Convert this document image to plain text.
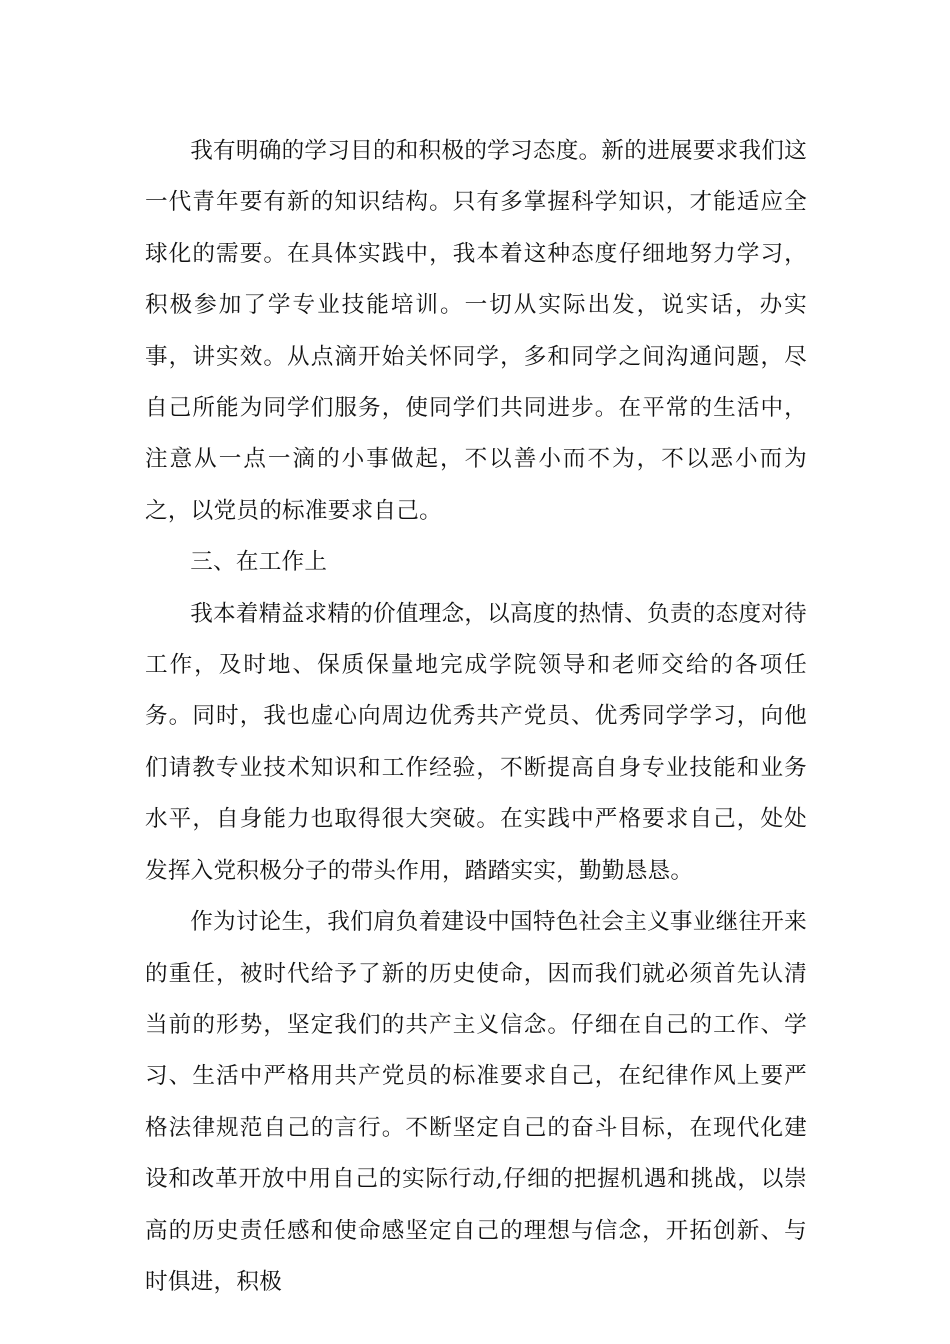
我有明确的学习目的和积极的学习态度。新的进展要求我们这一代青年要有新的知识结构。只有多掌握科学知识，才能适应全球化的需要。在具体实践中，我本着这种态度仔细地努力学习，积极参加了学专业技能培训。一切从实际出发，说实话，办实事，讲实效。从点滴开始关怀同学，多和同学之间沟通问题，尽自己所能为同学们服务，使同学们共同进步。在平常的生活中，注意从一点一滴的小事做起，不以善小而不为，不以恶小而为之，以党员的标准要求自己。

三、在工作上

我本着精益求精的价值理念，以高度的热情、负责的态度对待工作，及时地、保质保量地完成学院领导和老师交给的各项任务。同时，我也虚心向周边优秀共产党员、优秀同学学习，向他们请教专业技术知识和工作经验，不断提高自身专业技能和业务水平，自身能力也取得很大突破。在实践中严格要求自己，处处发挥入党积极分子的带头作用，踏踏实实，勤勤恳恳。

作为讨论生，我们肩负着建设中国特色社会主义事业继往开来的重任，被时代给予了新的历史使命，因而我们就必须首先认清当前的形势，坚定我们的共产主义信念。仔细在自己的工作、学习、生活中严格用共产党员的标准要求自己，在纪律作风上要严格法律规范自己的言行。不断坚定自己的奋斗目标，在现代化建设和改革开放中用自己的实际行动,仔细的把握机遇和挑战，以崇高的历史责任感和使命感坚定自己的理想与信念，开拓创新、与时俱进，积极
